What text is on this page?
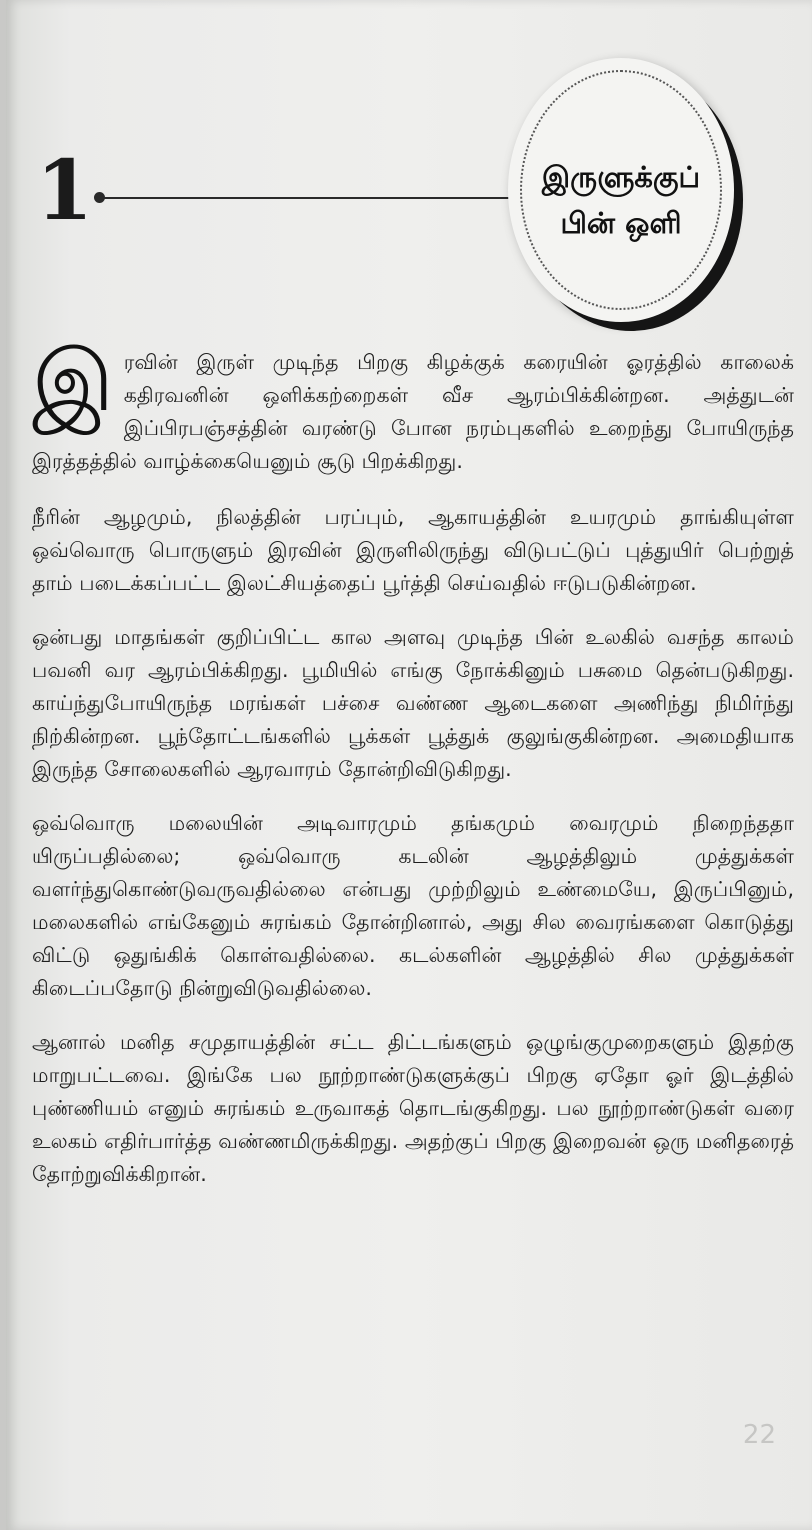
1	இருளுக்குப்
பின் ஒளி

இ ரவின் இருள் முடிந்த பிறகு கிழக்குக் கரையின் ஓரத்தில் காலைக் கதிரவனின் ஒளிக்கற்றைகள் வீச ஆரம்பிக்கின்றன. அத்துடன் இப்பிரபஞ்சத்தின் வரண்டு போன நரம்புகளில் உறைந்து போயிருந்த இரத்தத்தில் வாழ்க்கையெனும் சூடு பிறக்கிறது.

நீரின் ஆழமும், நிலத்தின் பரப்பும், ஆகாயத்தின் உயரமும் தாங்கியுள்ள ஒவ்வொரு பொருளும் இரவின் இருளிலிருந்து விடுபட்டுப் புத்துயிர் பெற்றுத் தாம் படைக்கப்பட்ட இலட்சியத்தைப் பூர்த்தி செய்வதில் ஈடுபடுகின்றன.

ஒன்பது மாதங்கள் குறிப்பிட்ட கால அளவு முடிந்த பின் உலகில் வசந்த காலம் பவனி வர ஆரம்பிக்கிறது. பூமியில் எங்கு நோக்கினும் பசுமை தென்படுகிறது. காய்ந்துபோயிருந்த மரங்கள் பச்சை வண்ண ஆடைகளை அணிந்து நிமிர்ந்து நிற்கின்றன. பூந்தோட்டங்களில் பூக்கள் பூத்துக் குலுங்குகின்றன. அமைதியாக இருந்த சோலைகளில் ஆரவாரம் தோன்றிவிடுகிறது.

ஒவ்வொரு மலையின் அடிவாரமும் தங்கமும் வைரமும் நிறைந்ததா யிருப்பதில்லை; ஒவ்வொரு கடலின் ஆழத்திலும் முத்துக்கள் வளர்ந்துகொண்டுவருவதில்லை என்பது முற்றிலும் உண்மையே, இருப்பினும், மலைகளில் எங்கேனும் சுரங்கம் தோன்றினால், அது சில வைரங்களை கொடுத்து விட்டு ஒதுங்கிக் கொள்வதில்லை. கடல்களின் ஆழத்தில் சில முத்துக்கள் கிடைப்பதோடு நின்றுவிடுவதில்லை.

ஆனால் மனித சமுதாயத்தின் சட்ட திட்டங்களும் ஒழுங்குமுறைகளும் இதற்கு மாறுபட்டவை. இங்கே பல நூற்றாண்டுகளுக்குப் பிறகு ஏதோ ஓர் இடத்தில் புண்ணியம் எனும் சுரங்கம் உருவாகத் தொடங்குகிறது. பல நூற்றாண்டுகள் வரை உலகம் எதிர்பார்த்த வண்ணமிருக்கிறது. அதற்குப் பிறகு இறைவன் ஒரு மனிதரைத் தோற்றுவிக்கிறான்.

22
